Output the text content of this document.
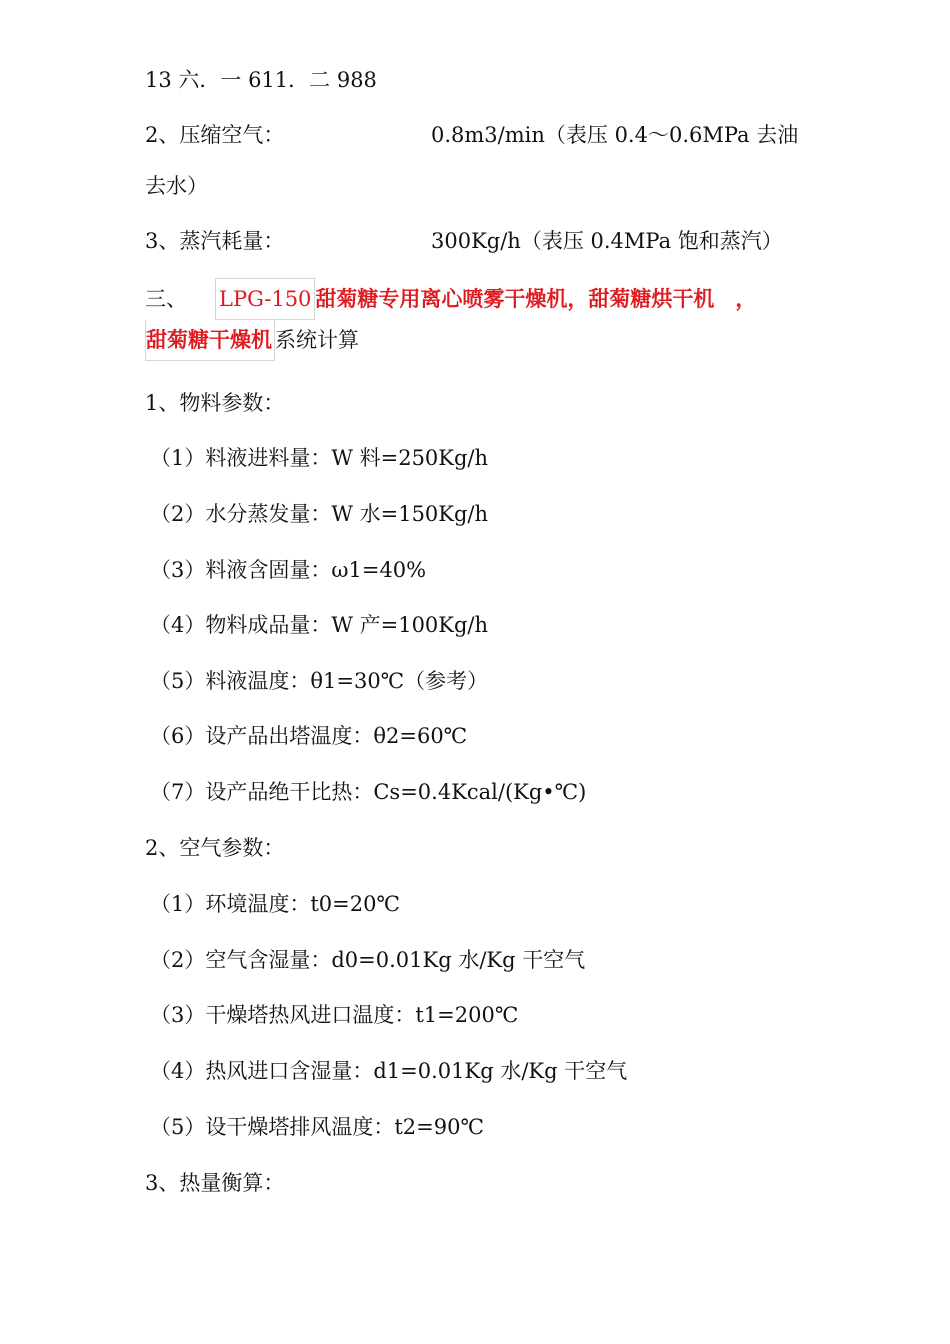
13 六．一 611．二 988
2、压缩空气：	0.8m3/min（表压 0.4～0.6MPa 去油
去水）
3、蒸汽耗量：	300Kg/h（表压 0.4MPa 饱和蒸汽）
三、 LPG-150 甜菊糖专用离心喷雾干燥机，甜菊糖烘干机　，
甜菊糖干燥机 系统计算
1、物料参数：
（1）料液进料量：W 料=250Kg/h
（2）水分蒸发量：W 水=150Kg/h
（3）料液含固量：ω1=40%
（4）物料成品量：W 产=100Kg/h
（5）料液温度：θ1=30℃（参考）
（6）设产品出塔温度：θ2=60℃
（7）设产品绝干比热：Cs=0.4Kcal/(Kg•℃)
2、空气参数：
（1）环境温度：t0=20℃
（2）空气含湿量：d0=0.01Kg 水/Kg 干空气
（3）干燥塔热风进口温度：t1=200℃
（4）热风进口含湿量：d1=0.01Kg 水/Kg 干空气
（5）设干燥塔排风温度：t2=90℃
3、热量衡算：
